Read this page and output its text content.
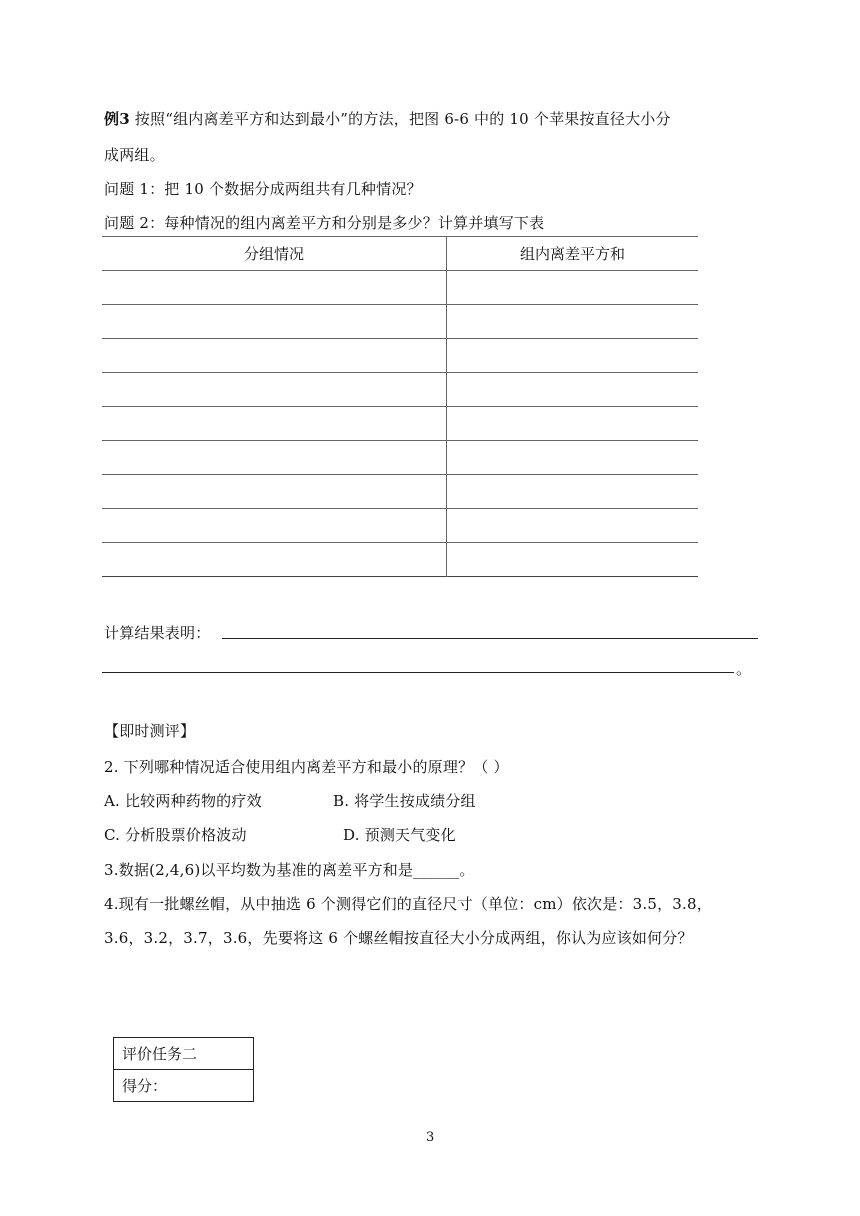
例3 按照“组内离差平方和达到最小”的方法，把图 6-6 中的 10 个苹果按直径大小分
成两组。
问题 1：把 10 个数据分成两组共有几种情况？
问题 2：每种情况的组内离差平方和分别是多少？计算并填写下表
分组情况	组内离差平方和

计算结果表明：
。
【即时测评】
2. 下列哪种情况适合使用组内离差平方和最小的原理？（ ）
A. 比较两种药物的疗效	B. 将学生按成绩分组
C. 分析股票价格波动	D. 预测天气变化
3.数据(2,4,6)以平均数为基准的离差平方和是______。
4.现有一批螺丝帽，从中抽选 6 个测得它们的直径尺寸（单位：cm）依次是：3.5，3.8，
3.6，3.2，3.7，3.6，先要将这 6 个螺丝帽按直径大小分成两组，你认为应该如何分？
评价任务二
得分：
3
